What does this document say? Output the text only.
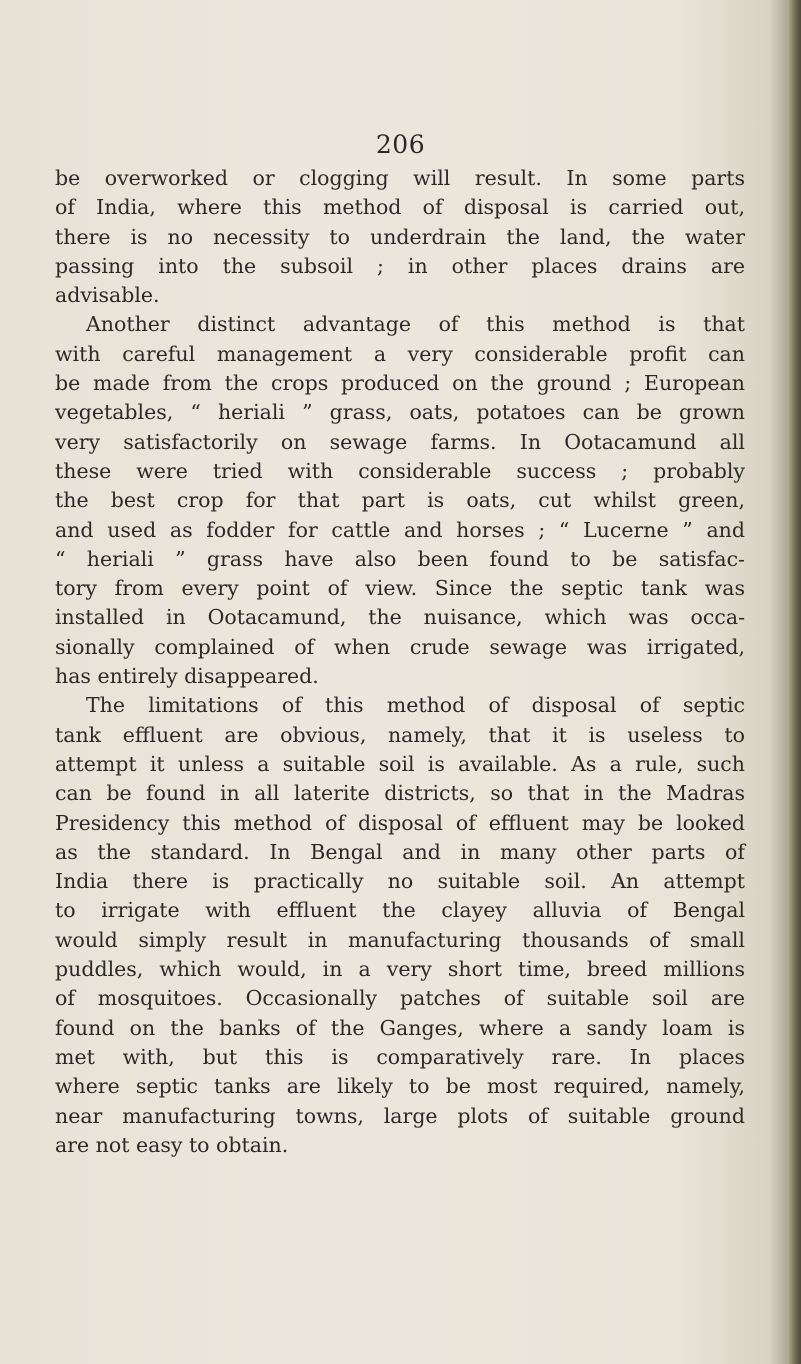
206
be overworked or clogging will result. In some parts
of India, where this method of disposal is carried out,
there is no necessity to underdrain the land, the water
passing into the subsoil ; in other places drains are
advisable.
Another distinct advantage of this method is that
with careful management a very considerable profit can
be made from the crops produced on the ground ; European
vegetables, “ heriali ” grass, oats, potatoes can be grown
very satisfactorily on sewage farms. In Ootacamund all
these were tried with considerable success ; probably
the best crop for that part is oats, cut whilst green,
and used as fodder for cattle and horses ; “ Lucerne ” and
“ heriali ” grass have also been found to be satisfac-
tory from every point of view. Since the septic tank was
installed in Ootacamund, the nuisance, which was occa-
sionally complained of when crude sewage was irrigated,
has entirely disappeared.
The limitations of this method of disposal of septic
tank effluent are obvious, namely, that it is useless to
attempt it unless a suitable soil is available. As a rule, such
can be found in all laterite districts, so that in the Madras
Presidency this method of disposal of effluent may be looked
as the standard. In Bengal and in many other parts of
India there is practically no suitable soil. An attempt
to irrigate with effluent the clayey alluvia of Bengal
would simply result in manufacturing thousands of small
puddles, which would, in a very short time, breed millions
of mosquitoes. Occasionally patches of suitable soil are
found on the banks of the Ganges, where a sandy loam is
met with, but this is comparatively rare. In places
where septic tanks are likely to be most required, namely,
near manufacturing towns, large plots of suitable ground
are not easy to obtain.
